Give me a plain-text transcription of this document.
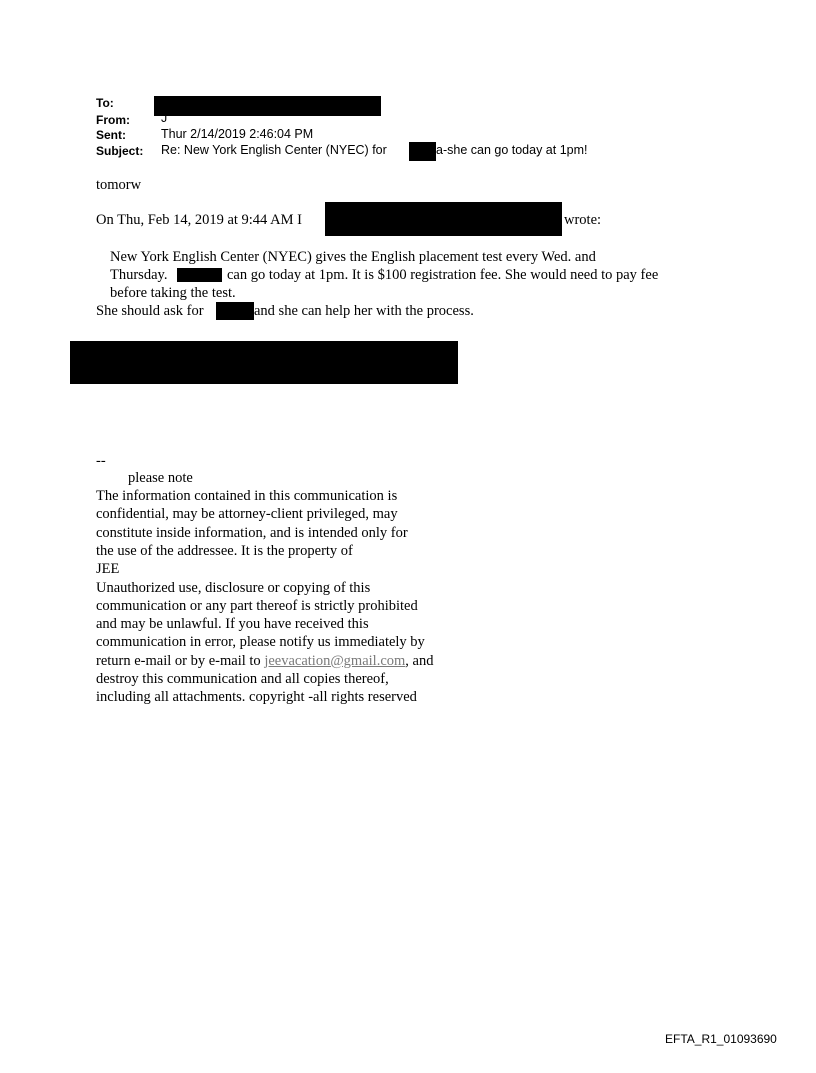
To:
From: J
Sent:	Thur 2/14/2019 2:46:04 PM
Subject: Re: New York English Center (NYEC) for	a-she can go today at 1pm!
tomorw
On Thu, Feb 14, 2019 at 9:44 AM I	wrote:
New York English Center (NYEC) gives the English placement test every Wed. and
Thursday.	can go today at 1pm. It is $100 registration fee. She would need to pay fee
before taking the test.
She should ask for	and she can help her with the process.
--
please note
The information contained in this communication is
confidential, may be attorney-client privileged, may
constitute inside information, and is intended only for
the use of the addressee. It is the property of
JEE
Unauthorized use, disclosure or copying of this
communication or any part thereof is strictly prohibited
and may be unlawful. If you have received this
communication in error, please notify us immediately by
return e-mail or by e-mail to jeevacation@gmail.com, and
destroy this communication and all copies thereof,
including all attachments. copyright -all rights reserved
EFTA_R1_01093690
